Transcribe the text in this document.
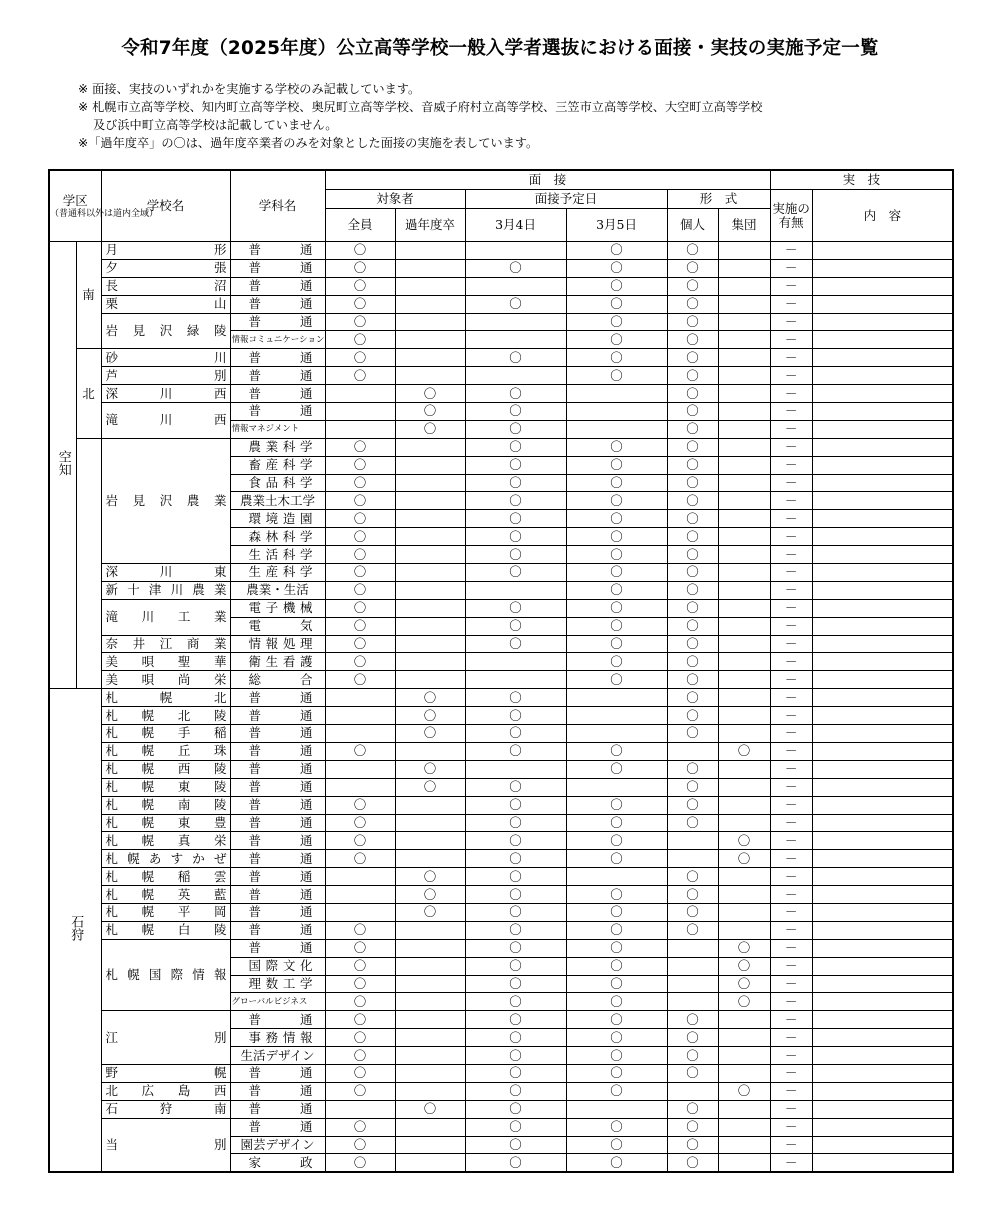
令和7年度（2025年度）公立高等学校一般入学者選抜における面接・実技の実施予定一覧
※ 面接、実技のいずれかを実施する学校のみ記載しています。
※ 札幌市立高等学校、知内町立高等学校、奥尻町立高等学校、音威子府村立高等学校、三笠市立高等学校、大空町立高等学校
及び浜中町立高等学校は記載していません。
※「過年度卒」の〇は、過年度卒業者のみを対象とした面接の実施を表しています。
学区
（普通科以外は道内全域）		学校名	学科名	面　接						実　技	
				対象者		面接予定日		形　式		実施の有無	内　容
				全員	過年度卒	3月4日	3月5日	個人	集団		
空知	南	月形	普通	〇			〇	〇		－	
		夕張	普通	〇		〇	〇	〇		－	
		長沼	普通	〇			〇	〇		－	
		栗山	普通	〇		〇	〇	〇		－	
		岩見沢緑陵	普通	〇			〇	〇		－	
			情報コミュニケーション	〇			〇	〇		－	
	北	砂川	普通	〇		〇	〇	〇		－	
		芦別	普通	〇			〇	〇		－	
		深川西	普通		〇	〇		〇		－	
		滝川西	普通		〇	〇		〇		－	
			情報マネジメント		〇	〇		〇		－	
		岩見沢農業	農業科学	〇		〇	〇	〇		－	
			畜産科学	〇		〇	〇	〇		－	
			食品科学	〇		〇	〇	〇		－	
			農業土木工学	〇		〇	〇	〇		－	
			環境造園	〇		〇	〇	〇		－	
			森林科学	〇		〇	〇	〇		－	
			生活科学	〇		〇	〇	〇		－	
		深川東	生産科学	〇		〇	〇	〇		－	
		新十津川農業	農業・生活	〇			〇	〇		－	
		滝川工業	電子機械	〇		〇	〇	〇		－	
			電気	〇		〇	〇	〇		－	
		奈井江商業	情報処理	〇		〇	〇	〇		－	
		美唄聖華	衛生看護	〇			〇	〇		－	
		美唄尚栄	総合	〇			〇	〇		－	
石狩		札幌北	普通		〇	〇		〇		－	
		札幌北陵	普通		〇	〇		〇		－	
		札幌手稲	普通		〇	〇		〇		－	
		札幌丘珠	普通	〇		〇	〇		〇	－	
		札幌西陵	普通		〇		〇	〇		－	
		札幌東陵	普通		〇	〇		〇		－	
		札幌南陵	普通	〇		〇	〇	〇		－	
		札幌東豊	普通	〇		〇	〇	〇		－	
		札幌真栄	普通	〇		〇	〇		〇	－	
		札幌あすかぜ	普通	〇		〇	〇		〇	－	
		札幌稲雲	普通		〇	〇		〇		－	
		札幌英藍	普通		〇	〇	〇	〇		－	
		札幌平岡	普通		〇	〇	〇	〇		－	
		札幌白陵	普通	〇		〇	〇	〇		－	
		札幌国際情報	普通	〇		〇	〇		〇	－	
			国際文化	〇		〇	〇		〇	－	
			理数工学	〇		〇	〇		〇	－	
			グローバルビジネス	〇		〇	〇		〇	－	
		江別	普通	〇		〇	〇	〇		－	
			事務情報	〇		〇	〇	〇		－	
			生活デザイン	〇		〇	〇	〇		－	
		野幌	普通	〇		〇	〇	〇		－	
		北広島西	普通	〇		〇	〇		〇	－	
		石狩南	普通		〇	〇		〇		－	
		当別	普通	〇		〇	〇	〇		－	
			園芸デザイン	〇		〇	〇	〇		－	
			家政	〇		〇	〇	〇		－	
